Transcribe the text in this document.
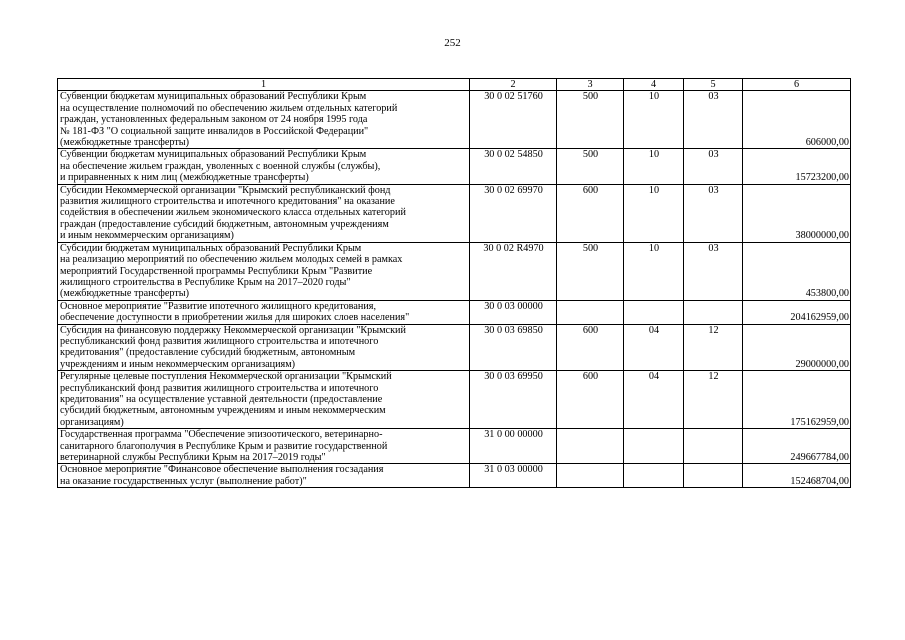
252
1	2	3	4	5	6

Субвенции бюджетам муниципальных образований Республики Крым
на осуществление полномочий по обеспечению жильем отдельных категорий
граждан, установленных федеральным законом от 24 ноября 1995 года
№ 181-ФЗ "О социальной защите инвалидов в Российской Федерации"
(межбюджетные трансферты)	30 0 02 51760	500	10	03	606000,00

Субвенции бюджетам муниципальных образований Республики Крым
на обеспечение жильем граждан, уволенных с военной службы (службы),
и приравненных к ним лиц (межбюджетные трансферты)	30 0 02 54850	500	10	03	15723200,00

Субсидии Некоммерческой организации "Крымский республиканский фонд
развития жилищного строительства и ипотечного кредитования" на оказание
содействия в обеспечении жильем экономического класса отдельных категорий
граждан (предоставление субсидий бюджетным, автономным учреждениям
и иным некоммерческим организациям)	30 0 02 69970	600	10	03	38000000,00

Субсидии бюджетам муниципальных образований Республики Крым
на реализацию мероприятий по обеспечению жильем молодых семей в рамках
мероприятий Государственной программы Республики Крым "Развитие
жилищного строительства в Республике Крым на 2017–2020 годы"
(межбюджетные трансферты)	30 0 02 R4970	500	10	03	453800,00

Основное мероприятие "Развитие ипотечного жилищного кредитования,
обеспечение доступности в приобретении жилья для широких слоев населения"	30 0 03 00000				204162959,00

Субсидия на финансовую поддержку Некоммерческой организации "Крымский
республиканский фонд развития жилищного строительства и ипотечного
кредитования" (предоставление субсидий бюджетным, автономным
учреждениям и иным некоммерческим организациям)	30 0 03 69850	600	04	12	29000000,00

Регулярные целевые поступления Некоммерческой организации "Крымский
республиканский фонд развития жилищного строительства и ипотечного
кредитования" на осуществление уставной деятельности (предоставление
субсидий бюджетным, автономным учреждениям и иным некоммерческим
организациям)	30 0 03 69950	600	04	12	175162959,00

Государственная программа "Обеспечение эпизоотического, ветеринарно-
санитарного благополучия в Республике Крым и развитие государственной
ветеринарной службы Республики Крым на 2017–2019 годы"	31 0 00 00000				249667784,00

Основное мероприятие "Финансовое обеспечение выполнения госзадания
на оказание государственных услуг (выполнение работ)"	31 0 03 00000				152468704,00
